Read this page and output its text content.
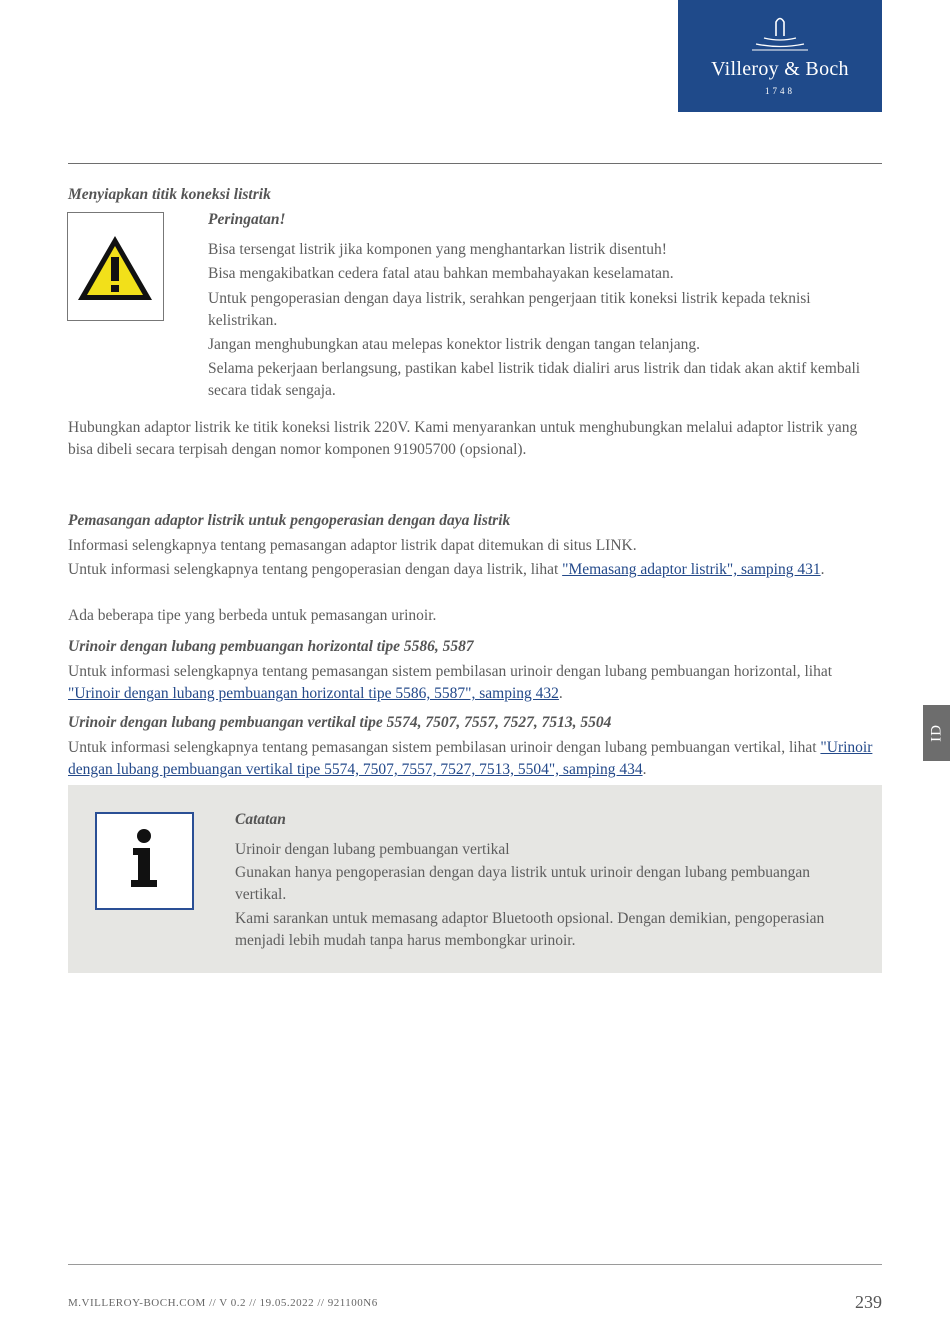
Villeroy & Boch
1748
Menyiapkan titik koneksi listrik
Peringatan!
Bisa tersengat listrik jika komponen yang menghantarkan listrik disentuh!
Bisa mengakibatkan cedera fatal atau bahkan membahayakan keselamatan.
Untuk pengoperasian dengan daya listrik, serahkan pengerjaan titik koneksi listrik kepada teknisi kelistrikan.
Jangan menghubungkan atau melepas konektor listrik dengan tangan telanjang.
Selama pekerjaan berlangsung, pastikan kabel listrik tidak dialiri arus listrik dan tidak akan aktif kembali secara tidak sengaja.
Hubungkan adaptor listrik ke titik koneksi listrik 220V. Kami menyarankan untuk menghubungkan melalui adaptor listrik yang bisa dibeli secara terpisah dengan nomor komponen 91905700 (opsional).
Pemasangan adaptor listrik untuk pengoperasian dengan daya listrik
Informasi selengkapnya tentang pemasangan adaptor listrik dapat ditemukan di situs LINK.
Untuk informasi selengkapnya tentang pengoperasian dengan daya listrik, lihat "Memasang adaptor listrik", samping 431.
Ada beberapa tipe yang berbeda untuk pemasangan urinoir.
Urinoir dengan lubang pembuangan horizontal tipe 5586, 5587
Untuk informasi selengkapnya tentang pemasangan sistem pembilasan urinoir dengan lubang pembuangan horizontal, lihat "Urinoir dengan lubang pembuangan horizontal tipe 5586, 5587", samping 432.
Urinoir dengan lubang pembuangan vertikal tipe 5574, 7507, 7557, 7527, 7513, 5504
Untuk informasi selengkapnya tentang pemasangan sistem pembilasan urinoir dengan lubang pembuangan vertikal, lihat "Urinoir dengan lubang pembuangan vertikal tipe 5574, 7507, 7557, 7527, 7513, 5504", samping 434.
Catatan
Urinoir dengan lubang pembuangan vertikal
Gunakan hanya pengoperasian dengan daya listrik untuk urinoir dengan lubang pembuangan vertikal.
Kami sarankan untuk memasang adaptor Bluetooth opsional. Dengan demikian, pengoperasian menjadi lebih mudah tanpa harus membongkar urinoir.
ID
M.VILLEROY-BOCH.COM // V 0.2 // 19.05.2022 // 921100N6	239
